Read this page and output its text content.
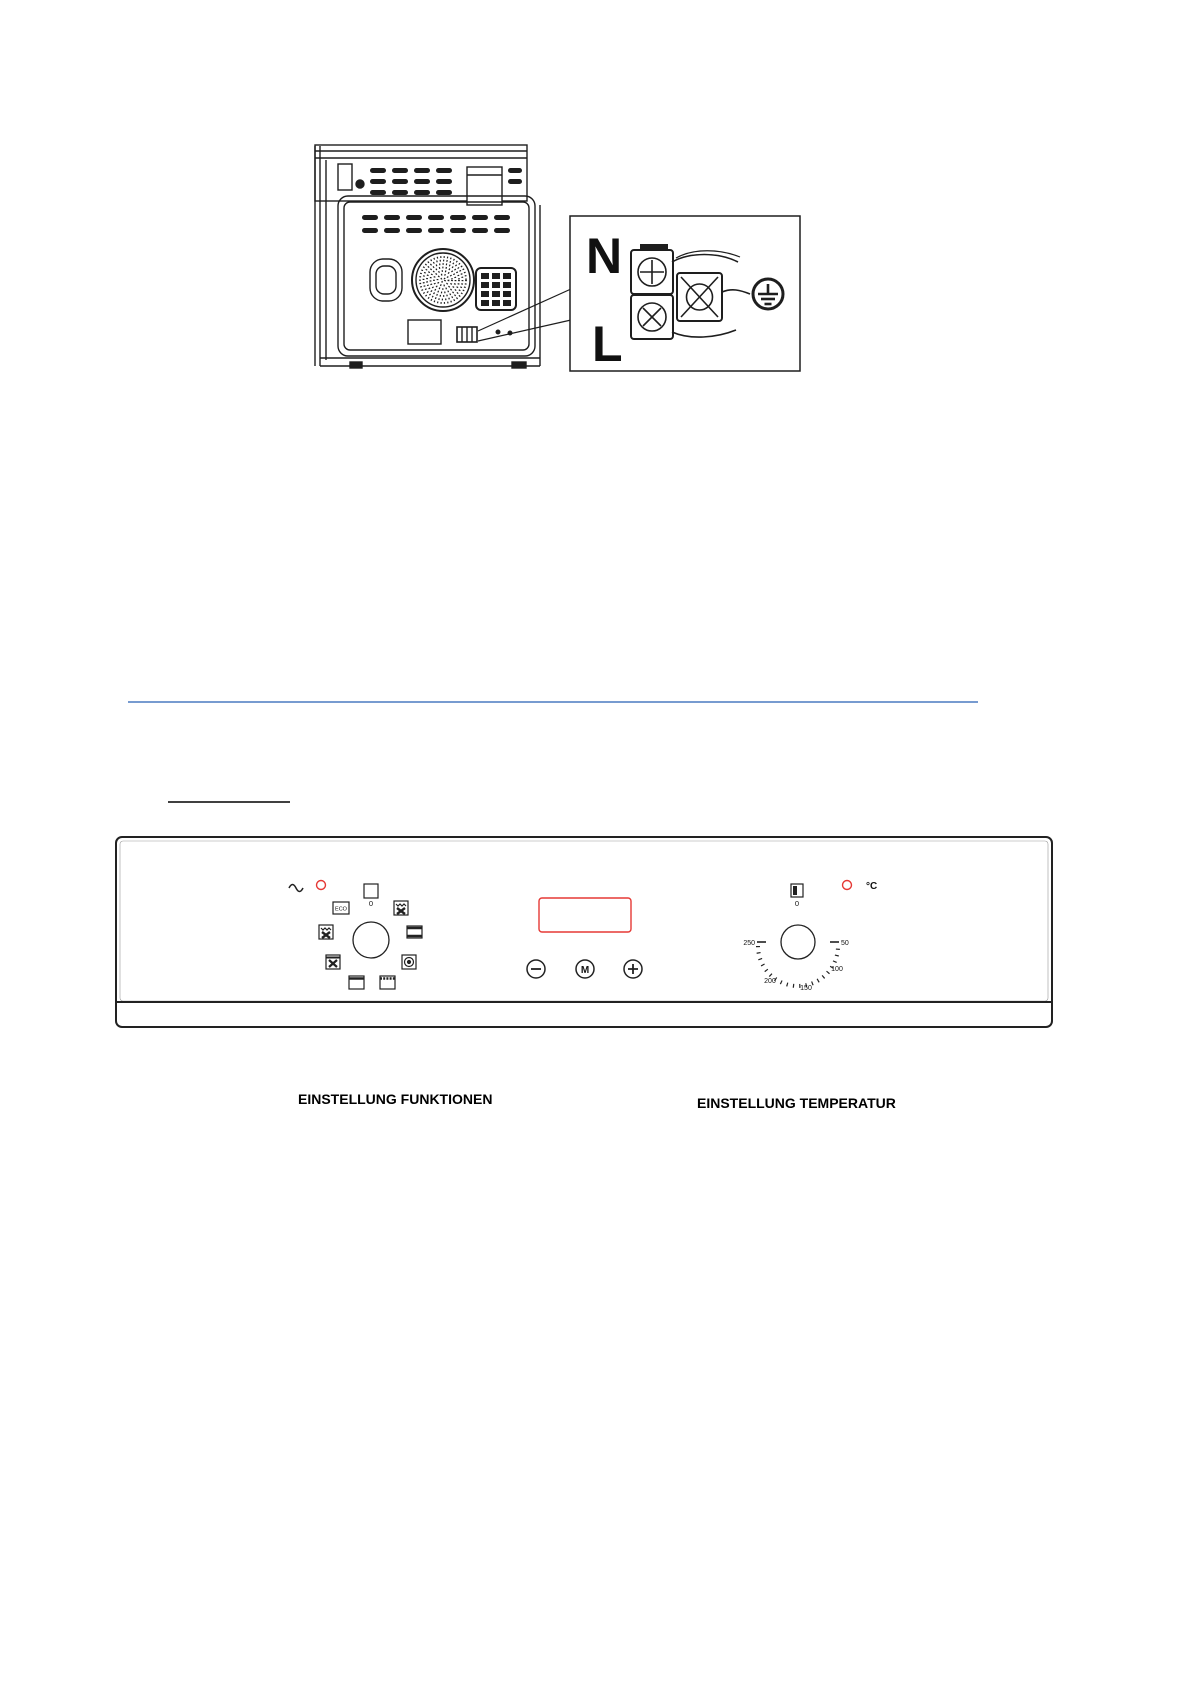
N
L
0
ECO
M
0
°C
250
200
150
100
50
EINSTELLUNG FUNKTIONEN	EINSTELLUNG TEMPERATUR
